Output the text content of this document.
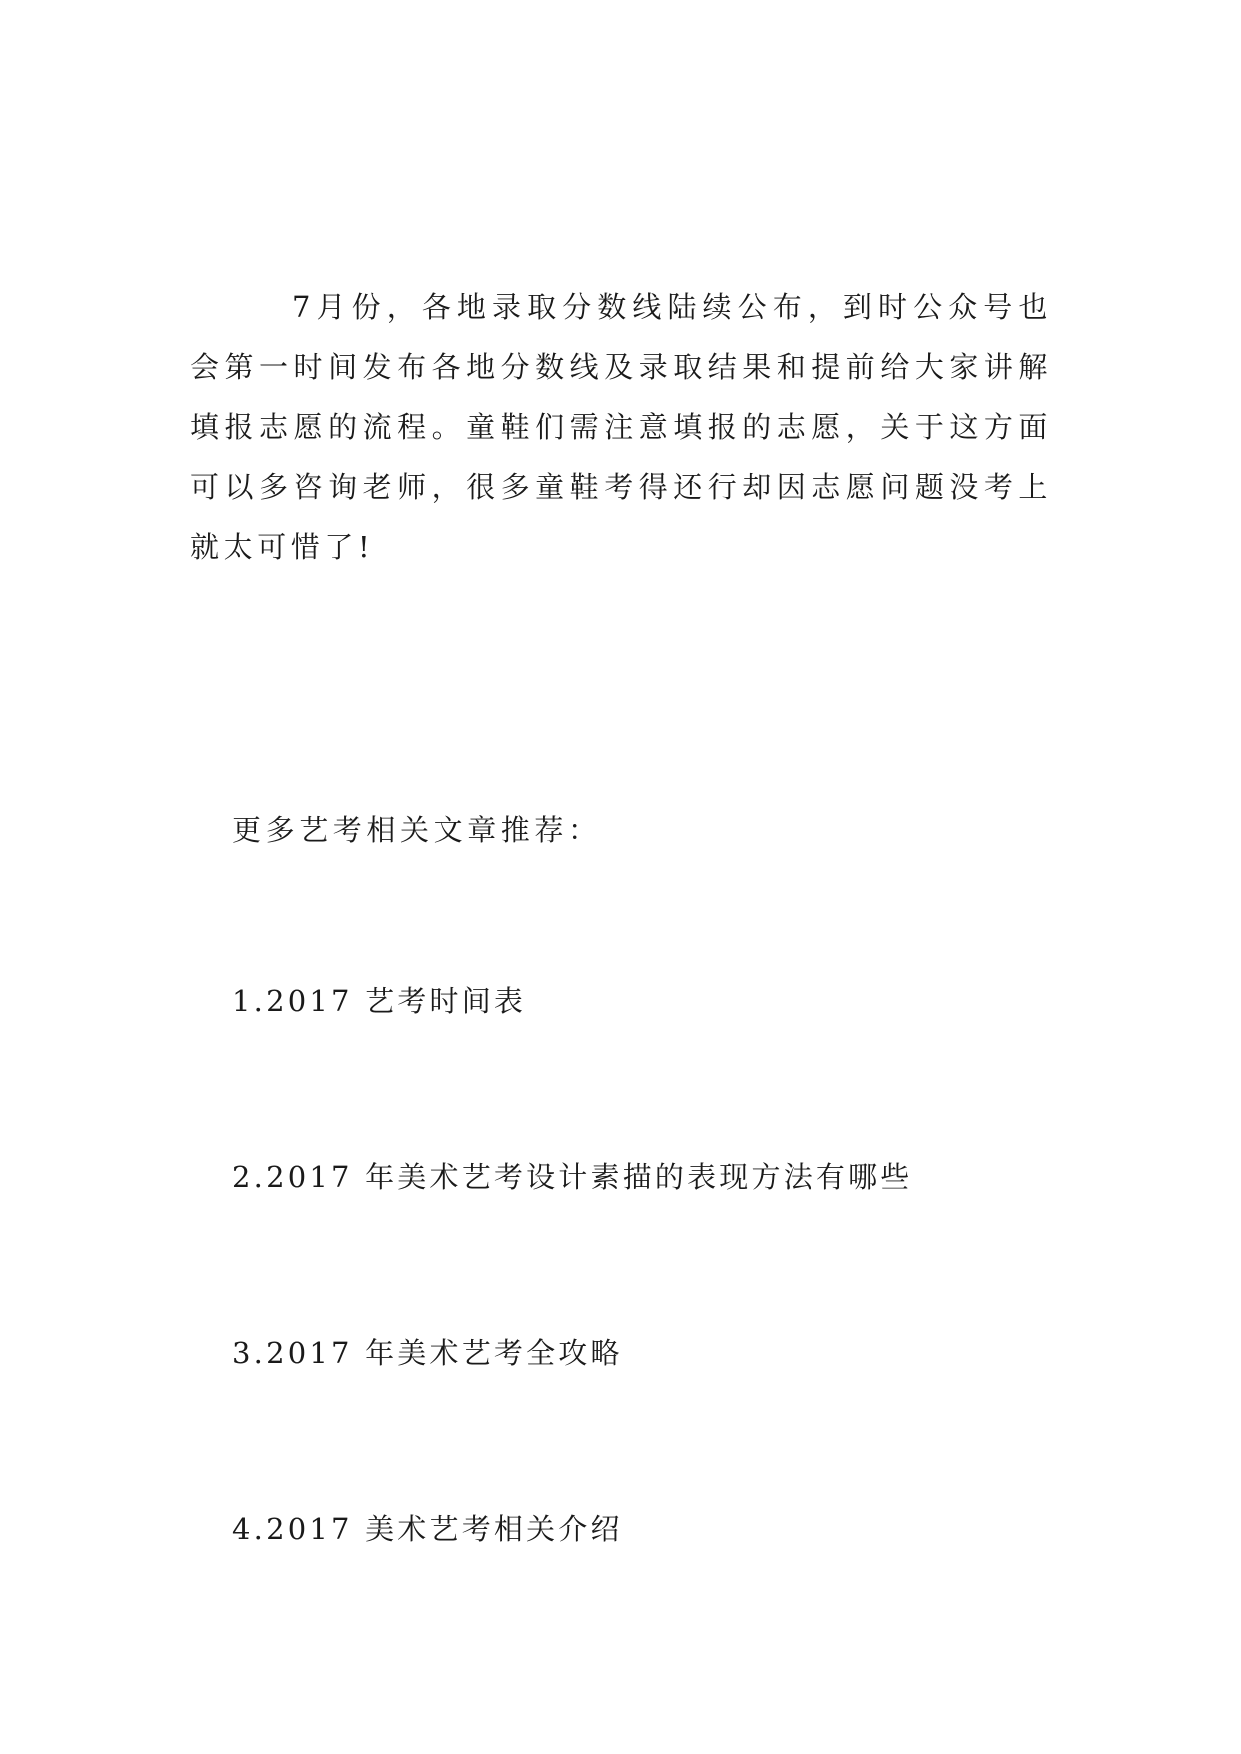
7月份，各地录取分数线陆续公布，到时公众号也会第一时间发布各地分数线及录取结果和提前给大家讲解填报志愿的流程。童鞋们需注意填报的志愿，关于这方面可以多咨询老师，很多童鞋考得还行却因志愿问题没考上就太可惜了!

更多艺考相关文章推荐：

1.2017 艺考时间表
2.2017 年美术艺考设计素描的表现方法有哪些
3.2017 年美术艺考全攻略
4.2017 美术艺考相关介绍
